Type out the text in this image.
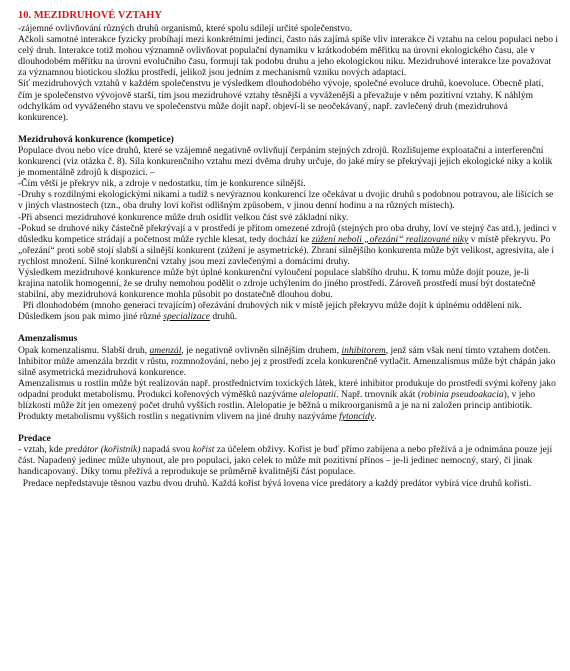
10. MEZIDRUHOVÉ VZTAHY

-zájemné ovlivňování různých druhů organismů, které spolu sdílejí určité společenstvo.

Ačkoli samotné interakce fyzicky probíhají mezi konkrétními jedinci, často nás zajímá spíše vliv interakce či vztahu na celou populaci nebo i celý druh. Interakce totiž mohou významně ovlivňovat populační dynamiku v krátkodobém měřítku na úrovni ekologického času, ale v dlouhodobém měřítku na úrovni evolučního času, formují tak podobu druhu a jeho ekologickou niku. Mezidruhové interakce lze považovat za významnou biotickou složku prostředí, jelikož jsou jedním z mechanismů vzniku nových adaptací.

Síť mezidruhových vztahů v každém společenstvu je výsledkem dlouhodobého vývoje, společné evoluce druhů, koevoluce. Obecně platí, čím je společenstvo vývojově starší, tím jsou mezidruhové vztahy těsnější a vyváženější a převažuje v něm pozitivní vztahy. K náhlým odchylkám od vyváženého stavu ve společenstvu může dojít např. objeví-li se neočekávaný, např. zavlečený druh (mezidruhová konkurence).

Mezidruhová konkurence (kompetice)

Populace dvou nebo více druhů, které se vzájemně negativně ovlivňují čerpáním stejných zdrojů. Rozlišujeme exploatační a interferenční konkurenci (viz otázka č. 8). Síla konkurenčního vztahu mezi dvěma druhy určuje, do jaké míry se překrývají jejich ekologické niky a kolik je momentálně zdrojů k dispozici. –

-Čím větší je překryv nik, a zdroje v nedostatku, tím je konkurence silnější.

-Druhy s rozdílnými ekologickými nikami a tudíž s nevýraznou konkurencí lze očekávat u dvojic druhů s podobnou potravou, ale lišících se v jiných vlastnostech (tzn., oba druhy loví kořist odlišným způsobem, v jinou denní hodinu a na různých místech).

-Při absenci mezidruhové konkurence může druh osídlit velkou část své základní niky.

-Pokud se druhové niky částečně překrývají a v prostředí je přitom omezené zdrojů (stejných pro oba druhy, loví ve stejný čas atd.), jedinci v důsledku kompetice strádají a početnost může rychle klesat, tedy dochází ke zúžení neboli „ořezání“ realizované niky v místě překryvu. Po „ořezání“ proti sobě stojí slabší a silnější konkurent (zúžení je asymetrické). Zbraní silnějšího konkurenta může být velikost, agresivita, ale i rychlost množení. Silné konkurenční vztahy jsou mezi zavlečenými a domácími druhy.

Výsledkem mezidruhové konkurence může být úplné konkurenční vyloučení populace slabšího druhu. K tomu může dojít pouze, je-li krajina natolik homogenní, že se druhy nemohou podělit o zdroje uchýlením do jiného prostředí. Zároveň prostředí musí být dostatečně stabilní, aby mezidruhová konkurence mohla působit po dostatečně dlouhou dobu.

Při dlouhodobém (mnoho generací trvajícím) ořezávání druhových nik v místě jejich překryvu může dojít k úplnému oddělení nik. Důsledkem jsou pak mimo jiné různé specializace druhů.

Amenzalismus

Opak komenzalismu. Slabší druh, amenzál, je negativně ovlivněn silnějším druhem, inhibitorem, jenž sám však není tímto vztahem dotčen. Inhibitor může amenzála brzdit v růstu, rozmnožování, nebo jej z prostředí zcela konkurenčně vytlačit. Amenzalismus může být chápán jako silně asymetrická mezidruhová konkurence.

Amenzalismus u rostlin může být realizován např. prostřednictvím toxických látek, které inhibitor produkuje do prostředí svými kořeny jako odpadní produkt metabolismu. Produkci kořenových výměšků nazýváme alelopatií. Např. trnovník akát (robinia pseudoakacia), v jeho blízkosti může žít jen omezený počet druhů vyšších rostlin. Alelopatie je běžná u mikroorganismů a je na ní založen princip antibiotik. Produkty metabolismu vyšších rostlin s negativním vlivem na jiné druhy nazýváme fytoncidy.

Predace

- vztah, kde predátor (kořistník) napadá svou kořist za účelem obživy. Kořist je buď přímo zabíjena a nebo přežívá a je odnímána pouze její část. Napadený jedinec může uhynout, ale pro populaci, jako celek to může mít pozitivní přínos – je-li jedinec nemocný, starý, či jinak handicapovaný. Díky tomu přežívá a reprodukuje se průměrně kvalitnější část populace.

Predace nepředstavuje těsnou vazbu dvou druhů. Každá kořist bývá lovena více predátory a každý predátor vybírá více druhů kořisti.
